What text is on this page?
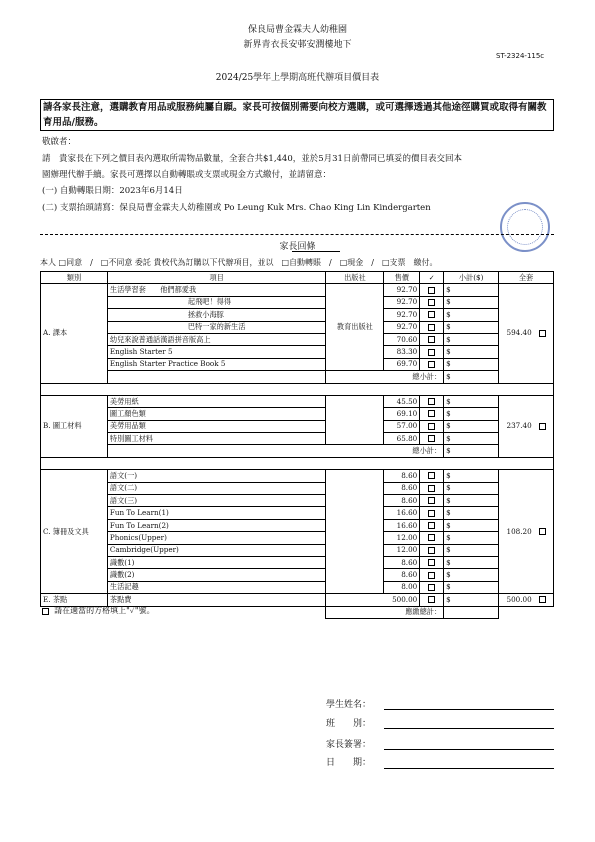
保良局曹金霖夫人幼稚園
新界青衣長安邨安潤樓地下
ST-2324-115c
2024/25學年上學期高班代辦項目價目表
請各家長注意，選購教育用品或服務純屬自願。家長可按個別需要向校方選購，或可選擇透過其他途徑購買或取得有關教育用品/服務。
敬啟者：
請　貴家長在下列之價目表內選取所需物品數量，全套合共$1,440，並於5月31日前帶同已填妥的價目表交回本
園辦理代辦手續。家長可選擇以自動轉賬或支票或現金方式繳付，並請留意：
(一) 自動轉賬日期：2023年6月14日
(二) 支票抬頭請寫：保良局曹金霖夫人幼稚園或 Po Leung Kuk Mrs. Chao King Lin Kindergarten
家長回條
本人 □同意　/　□不同意 委託 貴校代為訂購以下代辦項目，並以　□自動轉賬　/　□現金　/　□支票　繳付。
類別	項目	出版社	售價	✓	小計($)	全套
A. 課本	生活學習套　　他們都愛我	教育出版社	92.70		$	594.40
	起飛吧！得得		92.70		$	
	拯救小海豚		92.70		$	
	巴特一家的新生活		92.70		$	
	幼兒來說普通話漢語拼音版高上		70.60		$	
	English Starter 5		83.30		$	
	English Starter Practice Book 5		69.70		$	
		總小計：			$	

B. 圖工材料	美勞用紙		45.50		$	237.40
	圖工顏色類		69.10		$	
	美勞用品類		57.00		$	
	特別圖工材料		65.80		$	
	總小計：				$	

C. 簿冊及文具	語文(一)		8.60		$	108.20
	語文(二)		8.60		$	
	語文(三)		8.60		$	
	Fun To Learn(1)		16.60		$	
	Fun To Learn(2)		16.60		$	
	Phonics(Upper)		12.00		$	
	Cambridge(Upper)		12.00		$	
	識數(1)		8.60		$	
	識數(2)		8.60		$	
	生活記趣		8.00		$	
E. 茶點	茶點費		500.00		$	500.00
		應繳總計：				
請在適當的方格填上"✓"號。
學生姓名：
班　　別：
家長簽署：
日　　期：
